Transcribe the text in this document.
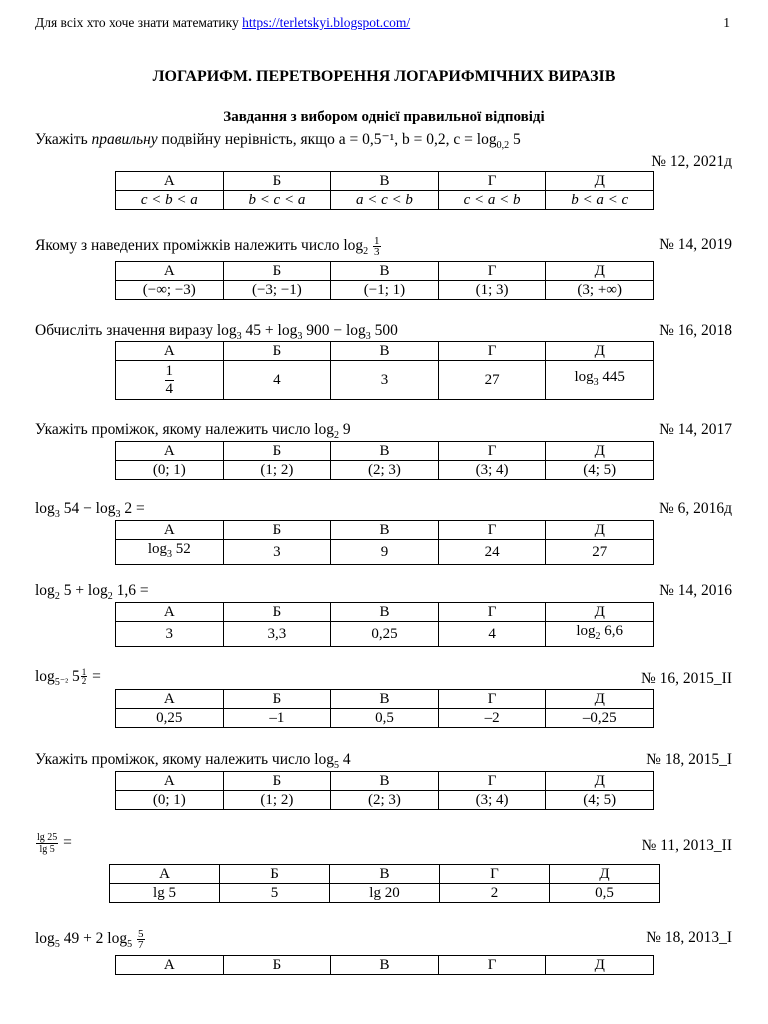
Для всіх хто хоче знати математику https://terletskyi.blogspot.com/	1
ЛОГАРИФМ. ПЕРЕТВОРЕННЯ ЛОГАРИФМІЧНИХ ВИРАЗІВ
Завдання з вибором однієї правильної відповіді
Укажіть правильну подвійну нерівність, якщо a = 0,5⁻¹, b = 0,2, $c = \log_{0,2} 5$
№ 12, 2021д
А	Б	В	Г	Д
c < b < a	b < c < a	a < c < b	c < a < b	b < a < c
Якому з наведених проміжків належить число $\log_2 \frac{1}{3}$	№ 14, 2019
А	Б	В	Г	Д
(−∞; −3)	(−3; −1)	(−1; 1)	(1; 3)	(3; +∞)
Обчисліть значення виразу $\log_3 45 + \log_3 900 - \log_3 500$	№ 16, 2018
А	Б	В	Г	Д

$\frac{1}{4}$	4	3	27	$\log_3 445$
Укажіть проміжок, якому належить число $\log_2 9$	№ 14, 2017
А	Б	В	Г	Д
(0; 1)	(1; 2)	(2; 3)	(3; 4)	(4; 5)
$\log_3 54 - \log_3 2$ =	№ 6, 2016д
А	Б	В	Г	Д
$\log_3 52$	3	9	24	27
$\log_2 5 + \log_2 1,6$ =	№ 14, 2016
А	Б	В	Г	Д
3	3,3	0,25	4	$\log_2 6,6$
$\log_{5^{-2}} 5 \frac{1}{2}$ =	№ 16, 2015_ІІ
А	Б	В	Г	Д
0,25	–1	0,5	–2	–0,25
Укажіть проміжок, якому належить число $\log_5 4$	№ 18, 2015_І
А	Б	В	Г	Д
(0; 1)	(1; 2)	(2; 3)	(3; 4)	(4; 5)
$\frac{\lg 25}{\lg 5}$ =	№ 11, 2013_ІІ
А	Б	В	Г	Д
lg 5	5	lg 20	2	0,5
$\log_5 49 + 2$ $\log_5 \frac{5}{7}$	№ 18, 2013_І
А	Б	В	Г	Д
